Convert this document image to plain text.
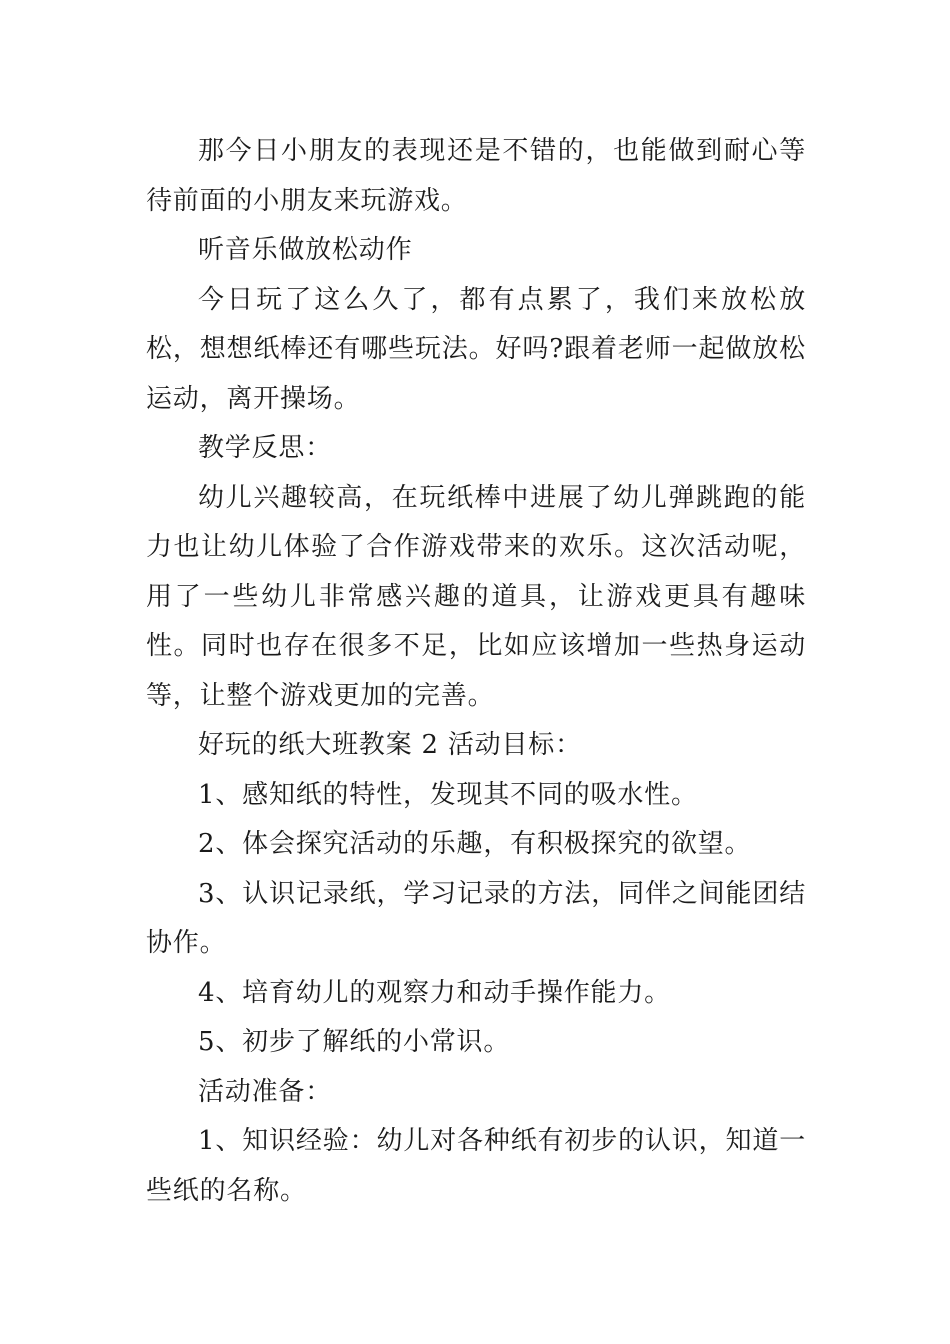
那今日小朋友的表现还是不错的，也能做到耐心等待前面的小朋友来玩游戏。

听音乐做放松动作

今日玩了这么久了，都有点累了，我们来放松放松，想想纸棒还有哪些玩法。好吗?跟着老师一起做放松运动，离开操场。

教学反思：

幼儿兴趣较高，在玩纸棒中进展了幼儿弹跳跑的能力也让幼儿体验了合作游戏带来的欢乐。这次活动呢，用了一些幼儿非常感兴趣的道具，让游戏更具有趣味性。同时也存在很多不足，比如应该增加一些热身运动等，让整个游戏更加的完善。

好玩的纸大班教案 2 活动目标：

1、感知纸的特性，发现其不同的吸水性。

2、体会探究活动的乐趣，有积极探究的欲望。

3、认识记录纸，学习记录的方法，同伴之间能团结协作。

4、培育幼儿的观察力和动手操作能力。

5、初步了解纸的小常识。

活动准备：

1、知识经验：幼儿对各种纸有初步的认识，知道一些纸的名称。
